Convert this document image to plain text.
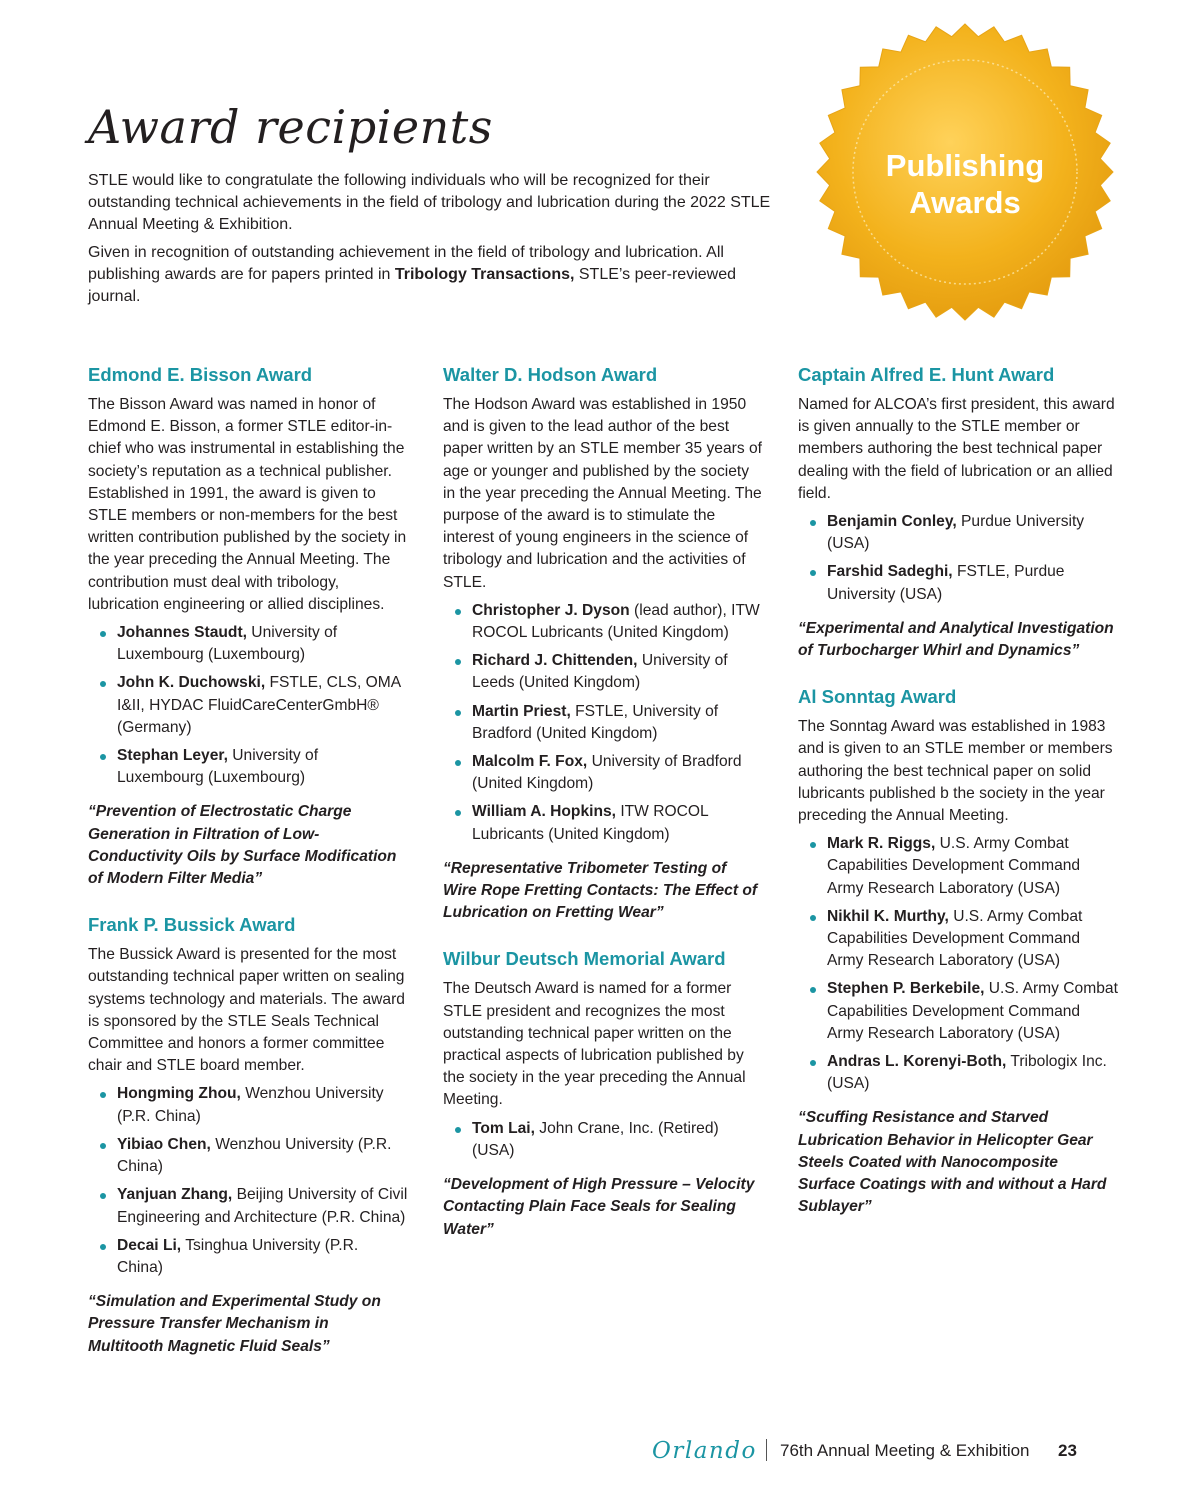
Award recipients

STLE would like to congratulate the following individuals who will be recognized for their outstanding technical achievements in the field of tribology and lubrication during the 2022 STLE Annual Meeting & Exhibition.

Given in recognition of outstanding achievement in the field of tribology and lubrication. All publishing awards are for papers printed in Tribology Transactions, STLE’s peer-reviewed journal.

Publishing
Awards
Edmond E. Bisson Award

The Bisson Award was named in honor of Edmond E. Bisson, a former STLE editor-in-chief who was instrumental in establishing the society’s reputation as a technical publisher. Established in 1991, the award is given to STLE members or non-members for the best written contribution published by the society in the year preceding the Annual Meeting. The contribution must deal with tribology, lubrication engineering or allied disciplines.

Johannes Staudt, University of Luxembourg (Luxembourg)
John K. Duchowski, FSTLE, CLS, OMA I&II, HYDAC FluidCareCenterGmbH® (Germany)
Stephan Leyer, University of Luxembourg (Luxembourg)

“Prevention of Electrostatic Charge Generation in Filtration of Low-Conductivity Oils by Surface Modification of Modern Filter Media”

Frank P. Bussick Award

The Bussick Award is presented for the most outstanding technical paper written on sealing systems technology and materials. The award is sponsored by the STLE Seals Technical Committee and honors a former committee chair and STLE board member.

Hongming Zhou, Wenzhou University (P.R. China)
Yibiao Chen, Wenzhou University (P.R. China)
Yanjuan Zhang, Beijing University of Civil Engineering and Architecture (P.R. China)
Decai Li, Tsinghua University (P.R. China)

“Simulation and Experimental Study on Pressure Transfer Mechanism in Multitooth Magnetic Fluid Seals”

Walter D. Hodson Award

The Hodson Award was established in 1950 and is given to the lead author of the best paper written by an STLE member 35 years of age or younger and published by the society in the year preceding the Annual Meeting. The purpose of the award is to stimulate the interest of young engineers in the science of tribology and lubrication and the activities of STLE.

Christopher J. Dyson (lead author), ITW ROCOL Lubricants (United Kingdom)
Richard J. Chittenden, University of Leeds (United Kingdom)
Martin Priest, FSTLE, University of Bradford (United Kingdom)
Malcolm F. Fox, University of Bradford (United Kingdom)
William A. Hopkins, ITW ROCOL Lubricants (United Kingdom)

“Representative Tribometer Testing of Wire Rope Fretting Contacts: The Effect of Lubrication on Fretting Wear”

Wilbur Deutsch Memorial Award

The Deutsch Award is named for a former STLE president and recognizes the most outstanding technical paper written on the practical aspects of lubrication published by the society in the year preceding the Annual Meeting.

Tom Lai, John Crane, Inc. (Retired) (USA)

“Development of High Pressure – Velocity Contacting Plain Face Seals for Sealing Water”

Captain Alfred E. Hunt Award

Named for ALCOA’s first president, this award is given annually to the STLE member or members authoring the best technical paper dealing with the field of lubrication or an allied field.

Benjamin Conley, Purdue University (USA)
Farshid Sadeghi, FSTLE, Purdue University (USA)

“Experimental and Analytical Investigation of Turbocharger Whirl and Dynamics”

Al Sonntag Award

The Sonntag Award was established in 1983 and is given to an STLE member or members authoring the best technical paper on solid lubricants published b the society in the year preceding the Annual Meeting.

Mark R. Riggs, U.S. Army Combat Capabilities Development Command Army Research Laboratory (USA)
Nikhil K. Murthy, U.S. Army Combat Capabilities Development Command Army Research Laboratory (USA)
Stephen P. Berkebile, U.S. Army Combat Capabilities Development Command Army Research Laboratory (USA)
Andras L. Korenyi-Both, Tribologix Inc. (USA)

“Scuffing Resistance and Starved Lubrication Behavior in Helicopter Gear Steels Coated with Nanocomposite Surface Coatings with and without a Hard Sublayer”

Orlando 76th Annual Meeting & Exhibition 23
